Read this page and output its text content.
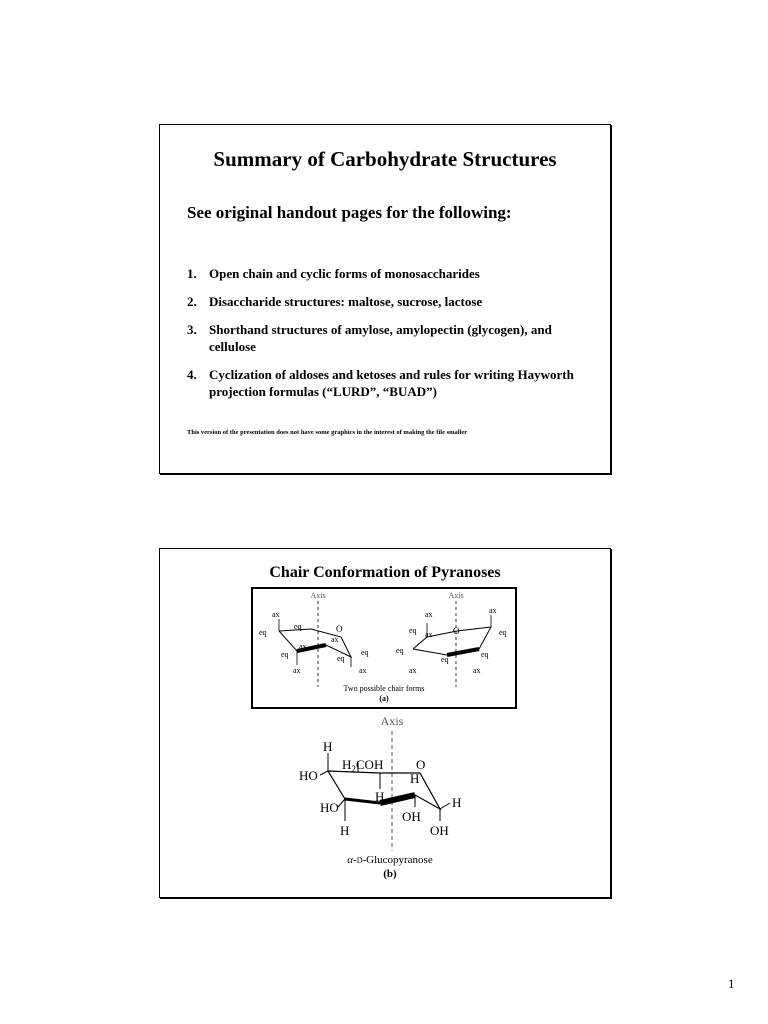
Summary of Carbohydrate Structures
See original handout pages for the following:
1. Open chain and cyclic forms of monosaccharides
2. Disaccharide structures: maltose, sucrose, lactose
3. Shorthand structures of amylose, amylopectin (glycogen), and cellulose
4. Cyclization of aldoses and ketoses and rules for writing Hayworth projection formulas (“LURD”, “BUAD”)
This version of the presentation does not have some graphics in the interest of making the file smaller
Chair Conformation of Pyranoses
Axis
ax
eq
eq	O
ax
ax
eq	eq
eq
ax	ax
Axis
ax	ax
eq ax O	eq
eq
eq
eq
ax	ax
Two possible chair forms
(a)
Axis
H
HO
$H_2COH$	O
H
H
HO
OH
H
H	OH
α-D-Glucopyranose
(b)
1
